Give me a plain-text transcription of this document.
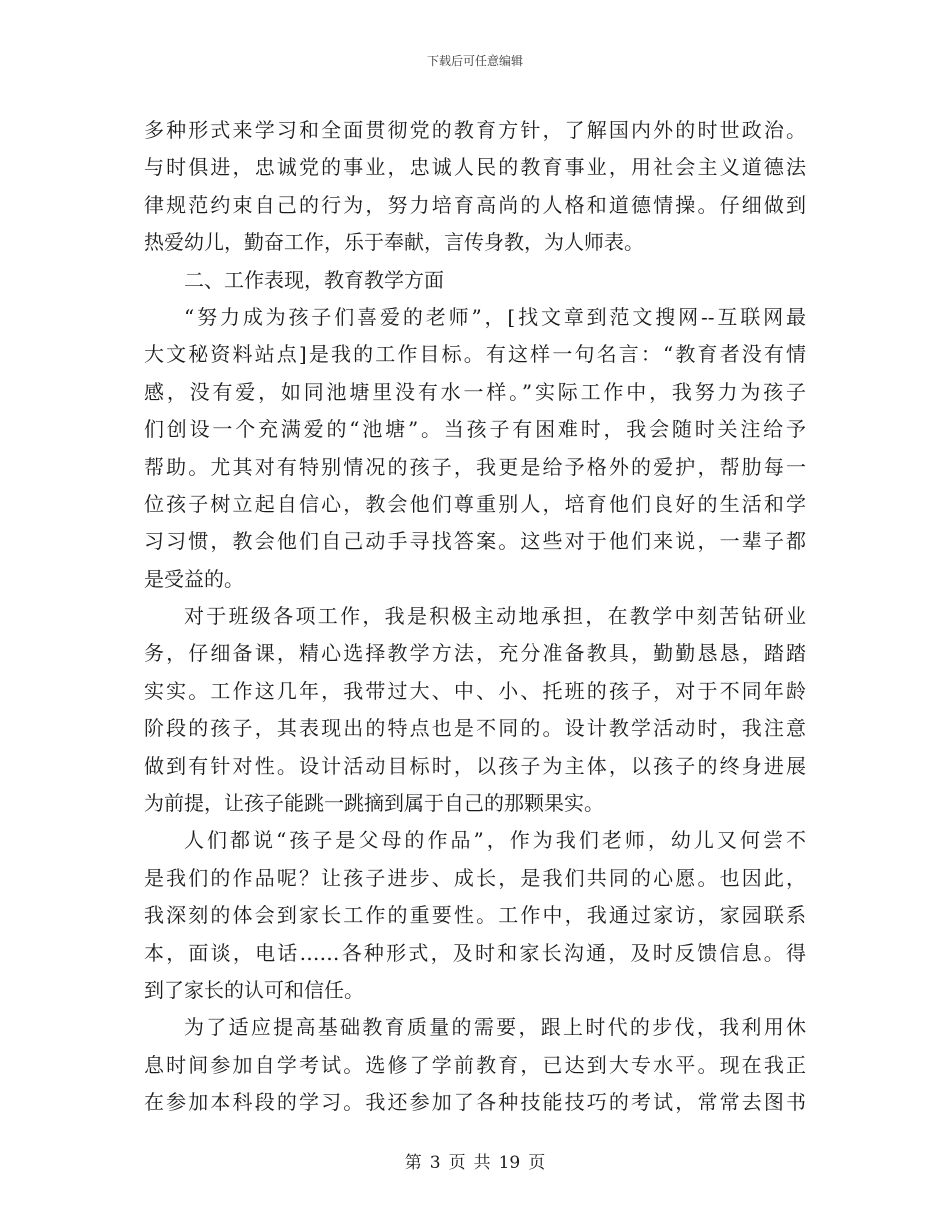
下载后可任意编辑
多种形式来学习和全面贯彻党的教育方针，了解国内外的时世政治。
与时俱进，忠诚党的事业，忠诚人民的教育事业，用社会主义道德法
律规范约束自己的行为，努力培育高尚的人格和道德情操。仔细做到
热爱幼儿，勤奋工作，乐于奉献，言传身教，为人师表。
二、工作表现，教育教学方面
“努力成为孩子们喜爱的老师”，[找文章到范文搜网--互联网最
大文秘资料站点]是我的工作目标。有这样一句名言：“教育者没有情
感，没有爱，如同池塘里没有水一样。”实际工作中，我努力为孩子
们创设一个充满爱的“池塘”。当孩子有困难时，我会随时关注给予
帮助。尤其对有特别情况的孩子，我更是给予格外的爱护，帮肋每一
位孩子树立起自信心，教会他们尊重别人，培育他们良好的生活和学
习习惯，教会他们自己动手寻找答案。这些对于他们来说，一辈子都
是受益的。
对于班级各项工作，我是积极主动地承担，在教学中刻苦钻研业
务，仔细备课，精心选择教学方法，充分准备教具，勤勤恳恳，踏踏
实实。工作这几年，我带过大、中、小、托班的孩子，对于不同年龄
阶段的孩子，其表现出的特点也是不同的。设计教学活动时，我注意
做到有针对性。设计活动目标时，以孩子为主体，以孩子的终身进展
为前提，让孩子能跳一跳摘到属于自己的那颗果实。
人们都说“孩子是父母的作品”，作为我们老师，幼儿又何尝不
是我们的作品呢？让孩子进步、成长，是我们共同的心愿。也因此，
我深刻的体会到家长工作的重要性。工作中，我通过家访，家园联系
本，面谈，电话……各种形式，及时和家长沟通，及时反馈信息。得
到了家长的认可和信任。
为了适应提高基础教育质量的需要，跟上时代的步伐，我利用休
息时间参加自学考试。选修了学前教育，已达到大专水平。现在我正
在参加本科段的学习。我还参加了各种技能技巧的考试，常常去图书
第 3 页 共 19 页
